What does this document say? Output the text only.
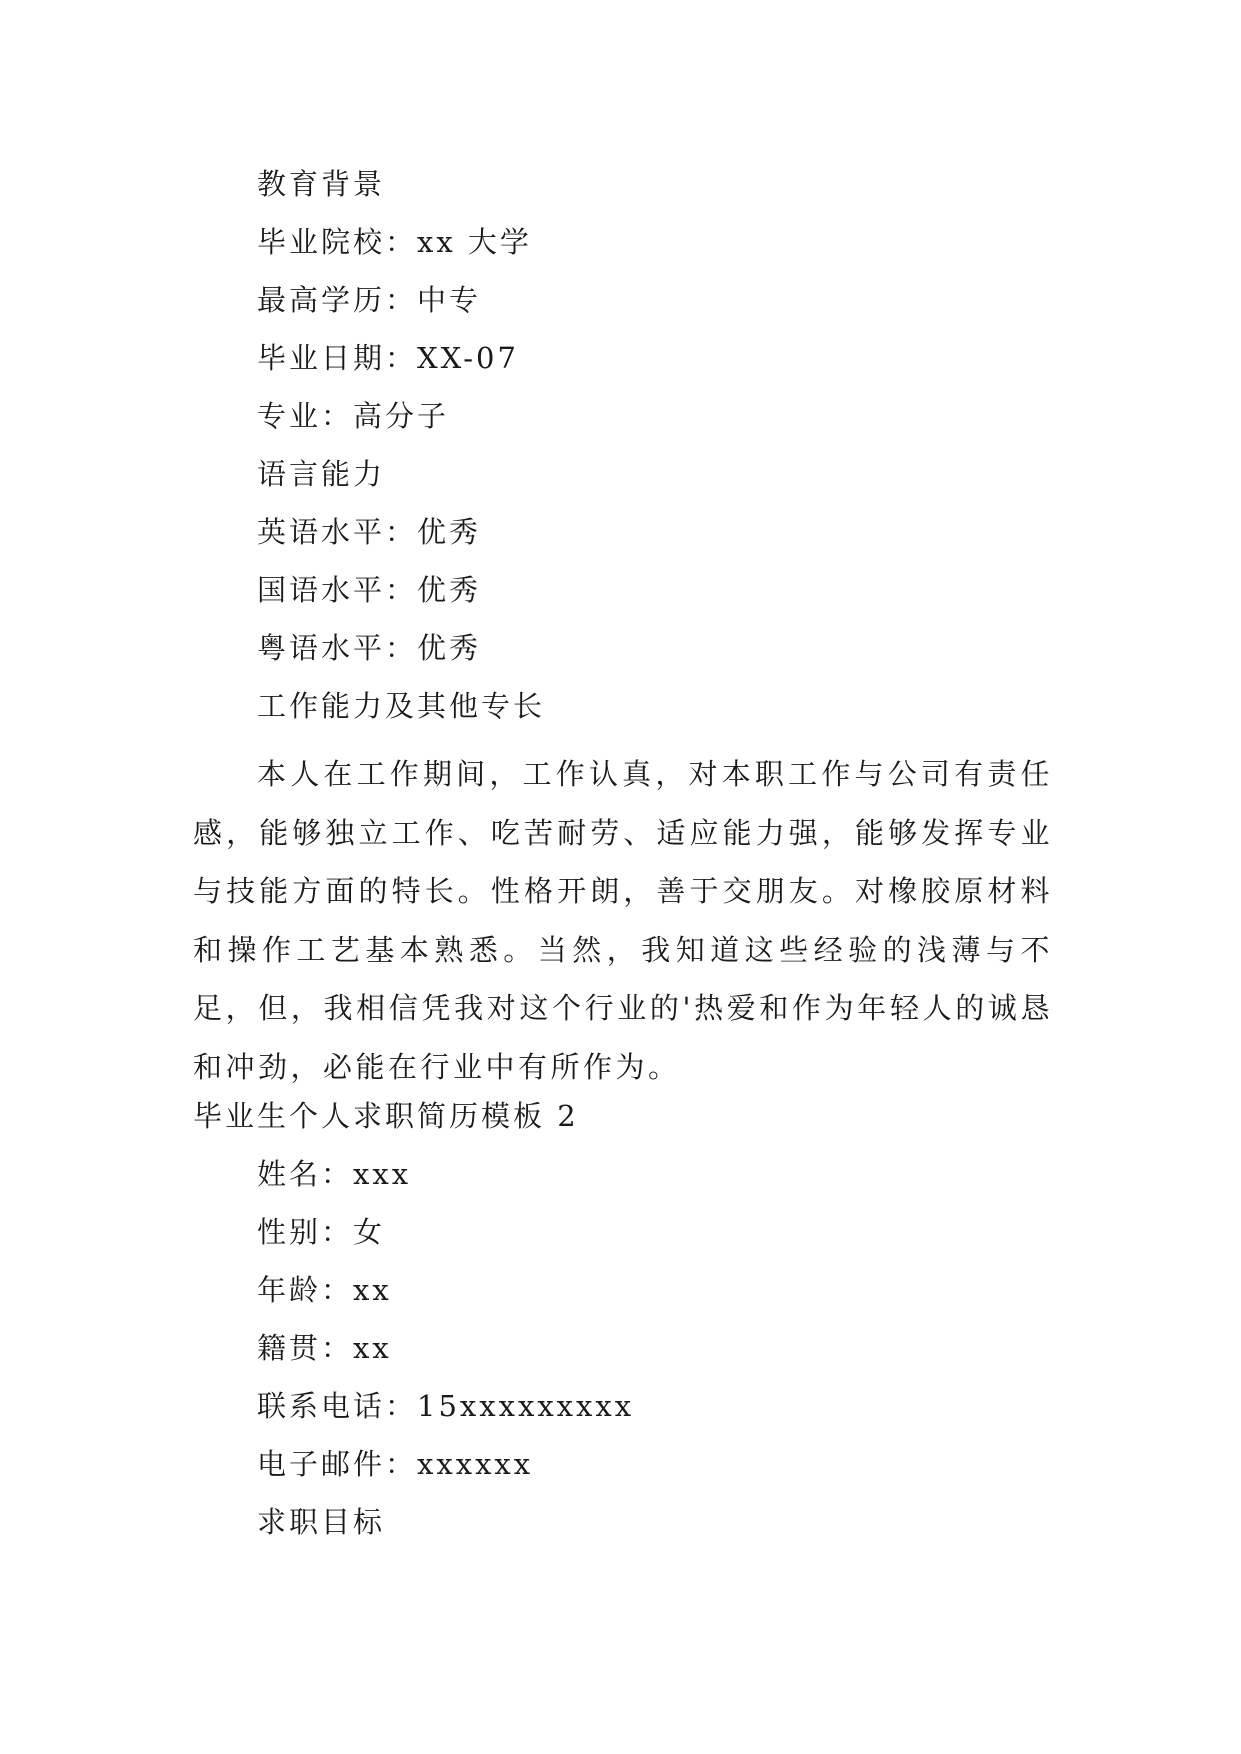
教育背景
毕业院校：xx 大学
最高学历：中专
毕业日期：XX-07
专业：高分子
语言能力
英语水平：优秀
国语水平：优秀
粤语水平：优秀
工作能力及其他专长
本人在工作期间，工作认真，对本职工作与公司有责任感，能够独立工作、吃苦耐劳、适应能力强，能够发挥专业与技能方面的特长。性格开朗，善于交朋友。对橡胶原材料和操作工艺基本熟悉。当然，我知道这些经验的浅薄与不足，但，我相信凭我对这个行业的'热爱和作为年轻人的诚恳和冲劲，必能在行业中有所作为。
毕业生个人求职简历模板 2
姓名：xxx
性别：女
年龄：xx
籍贯：xx
联系电话：15xxxxxxxxx
电子邮件：xxxxxx
求职目标
